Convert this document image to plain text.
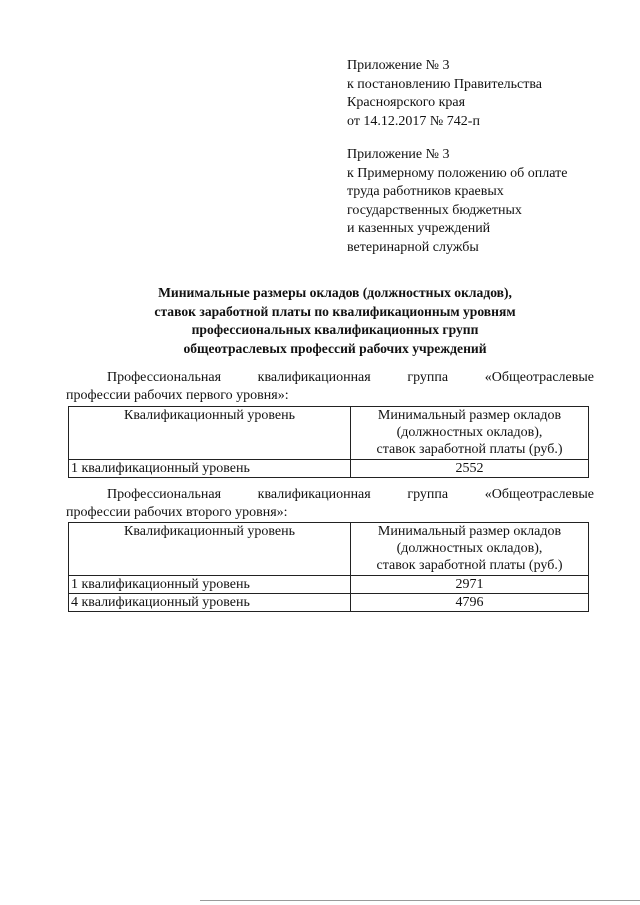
Приложение № 3
к постановлению Правительства
Красноярского края
от 14.12.2017 № 742-п
Приложение № 3
к Примерному положению об оплате
труда работников краевых
государственных бюджетных
и казенных учреждений
ветеринарной службы
Минимальные размеры окладов (должностных окладов),
ставок заработной платы по квалификационным уровням
профессиональных квалификационных групп
общеотраслевых профессий рабочих учреждений
Профессиональная квалификационная группа «Общеотраслевые
профессии рабочих первого уровня»:
Квалификационный уровень	Минимальный размер окладов
(должностных окладов),
ставок заработной платы (руб.)

1 квалификационный уровень	2552
Профессиональная квалификационная группа «Общеотраслевые
профессии рабочих второго уровня»:
Квалификационный уровень	Минимальный размер окладов
(должностных окладов),
ставок заработной платы (руб.)

1 квалификационный уровень	2971
4 квалификационный уровень	4796
